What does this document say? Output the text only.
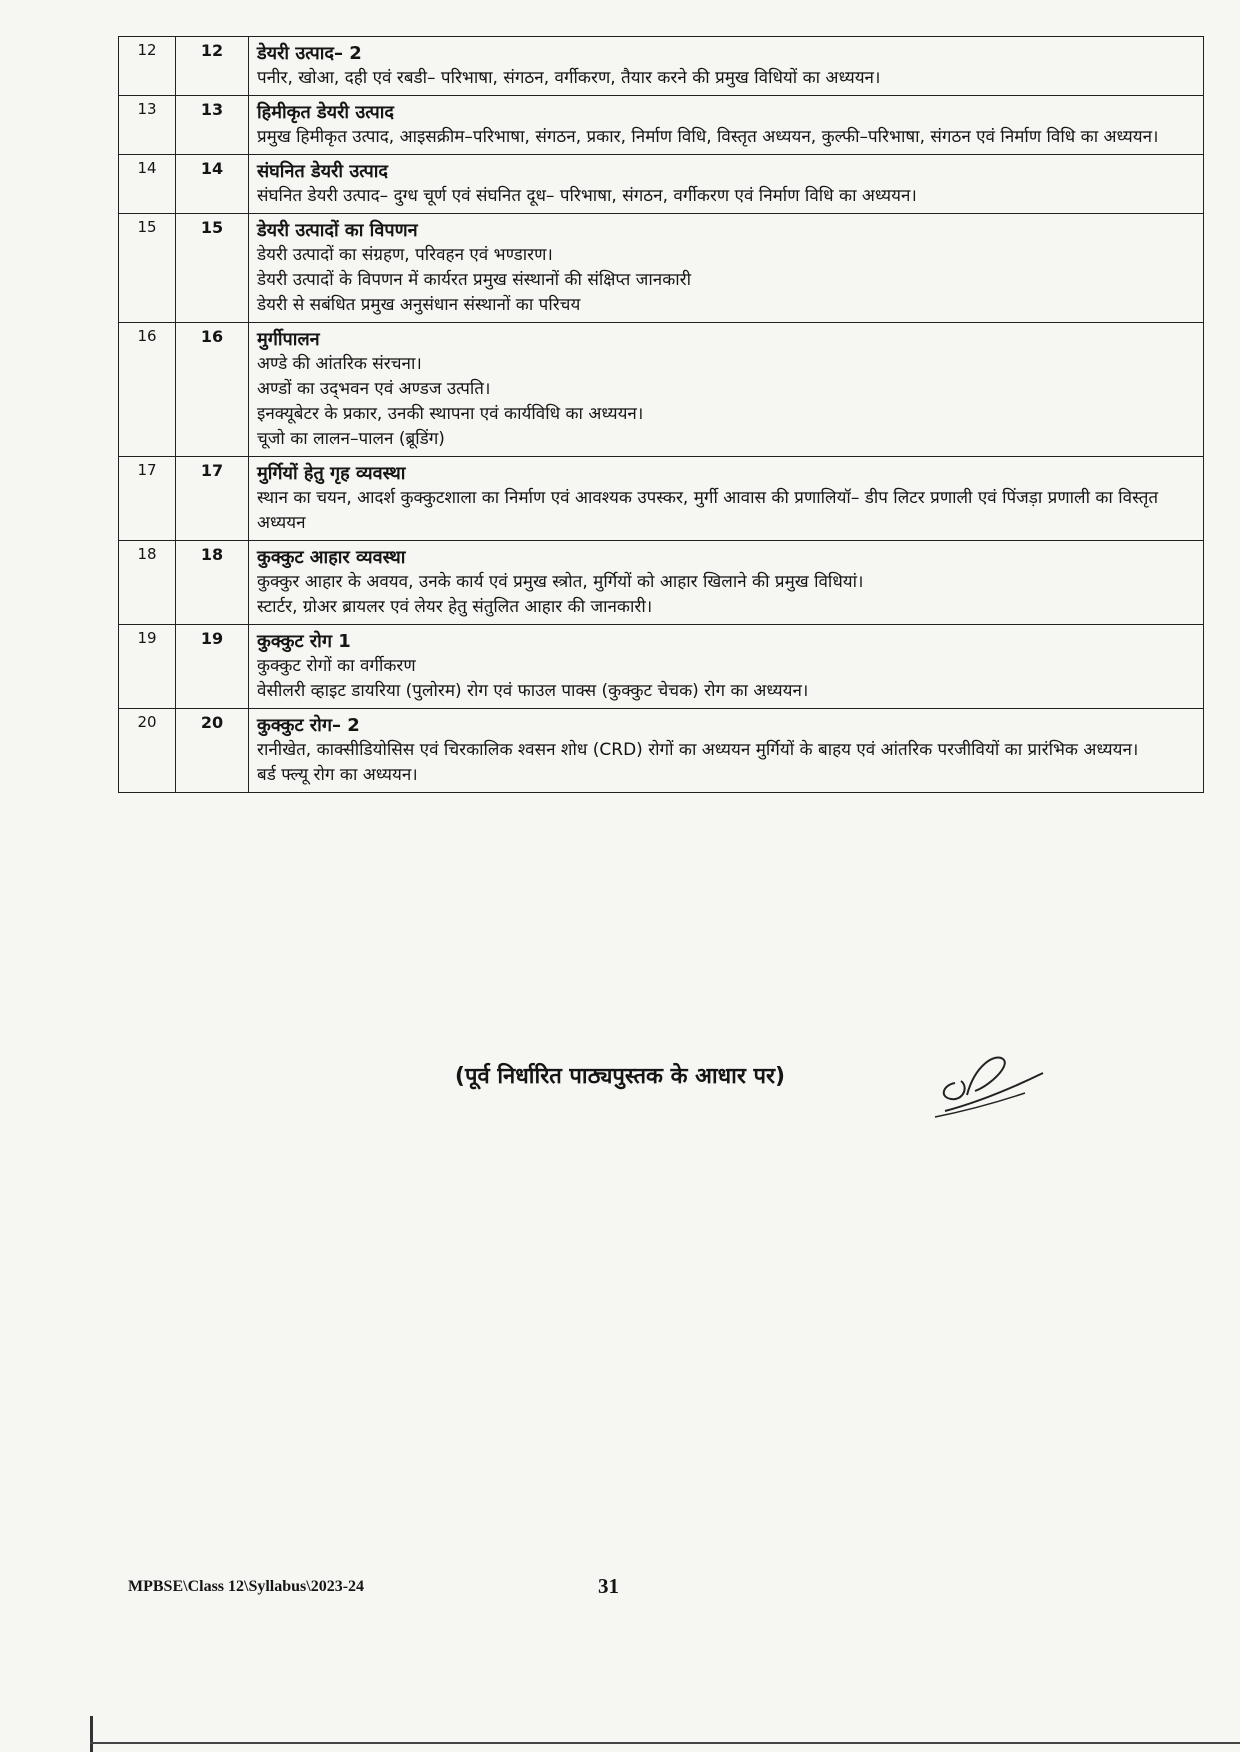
12	12	डेयरी उत्पाद– 2
पनीर, खोआ, दही एवं रबडी– परिभाषा, संगठन, वर्गीकरण, तैयार करने की प्रमुख विधियों का अध्ययन।

13	13	हिमीकृत डेयरी उत्पाद
प्रमुख हिमीकृत उत्पाद, आइसक्रीम–परिभाषा, संगठन, प्रकार, निर्माण विधि, विस्तृत अध्ययन, कुल्फी–परिभाषा, संगठन एवं निर्माण विधि का अध्ययन।

14	14	संघनित डेयरी उत्पाद
संघनित डेयरी उत्पाद– दुग्ध चूर्ण एवं संघनित दूध– परिभाषा, संगठन, वर्गीकरण एवं निर्माण विधि का अध्ययन।

15	15	डेयरी उत्पादों का विपणन
डेयरी उत्पादों का संग्रहण, परिवहन एवं भण्डारण।
डेयरी उत्पादों के विपणन में कार्यरत प्रमुख संस्थानों की संक्षिप्त जानकारी
डेयरी से सबंधित प्रमुख अनुसंधान संस्थानों का परिचय

16	16	मुर्गीपालन
अण्डे की आंतरिक संरचना।
अण्डों का उद्‌भवन एवं अण्डज उत्पति।
इनक्यूबेटर के प्रकार, उनकी स्थापना एवं कार्यविधि का अध्ययन।
चूजो का लालन–पालन (ब्रूडिंग)

17	17	मुर्गियों हेतु गृह व्यवस्था
स्थान का चयन, आदर्श कुक्कुटशाला का निर्माण एवं आवश्यक उपस्कर, मुर्गी आवास की प्रणालियॉ– डीप लिटर प्रणाली एवं पिंजड़ा प्रणाली का विस्तृत अध्ययन

18	18	कुक्कुट आहार व्यवस्था
कुक्कुर आहार के अवयव, उनके कार्य एवं प्रमुख स्त्रोत, मुर्गियों को आहार खिलाने की प्रमुख विधियां।
स्टार्टर, ग्रोअर ब्रायलर एवं लेयर हेतु संतुलित आहार की जानकारी।

19	19	कुक्कुट रोग 1
कुक्कुट रोगों का वर्गीकरण
वेसीलरी व्हाइट डायरिया (पुलोरम) रोग एवं फाउल पाक्स (कुक्कुट चेचक) रोग का अध्ययन।

20	20	कुक्कुट रोग– 2
रानीखेत, काक्सीडियोसिस एवं चिरकालिक श्वसन शोध (CRD) रोगों का अध्ययन मुर्गियों के बाहय एवं आंतरिक परजीवियों का प्रारंभिक अध्ययन।
बर्ड फ्ल्यू रोग का अध्ययन।
(पूर्व निर्धारित पाठ्यपुस्तक के आधार पर)
MPBSE\Class 12\Syllabus\2023-24	31
